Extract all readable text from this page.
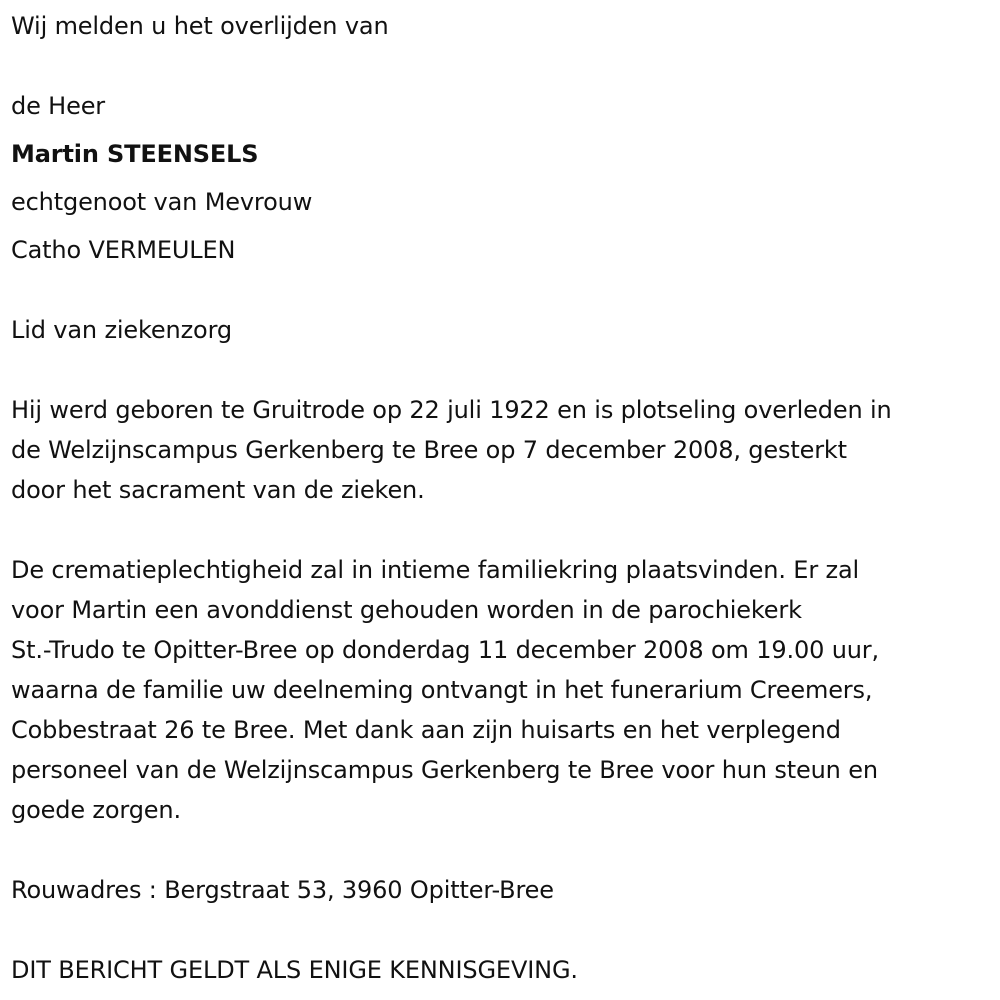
Wij melden u het overlijden van
de Heer
Martin STEENSELS
echtgenoot van Mevrouw
Catho VERMEULEN
Lid van ziekenzorg
Hij werd geboren te Gruitrode op 22 juli 1922 en is plotseling overleden in
de Welzijnscampus Gerkenberg te Bree op 7 december 2008, gesterkt
door het sacrament van de zieken.
De crematieplechtigheid zal in intieme familiekring plaatsvinden. Er zal
voor Martin een avonddienst gehouden worden in de parochiekerk
St.-Trudo te Opitter-Bree op donderdag 11 december 2008 om 19.00 uur,
waarna de familie uw deelneming ontvangt in het funerarium Creemers,
Cobbestraat 26 te Bree. Met dank aan zijn huisarts en het verplegend
personeel van de Welzijnscampus Gerkenberg te Bree voor hun steun en
goede zorgen.
Rouwadres : Bergstraat 53, 3960 Opitter-Bree
DIT BERICHT GELDT ALS ENIGE KENNISGEVING.
